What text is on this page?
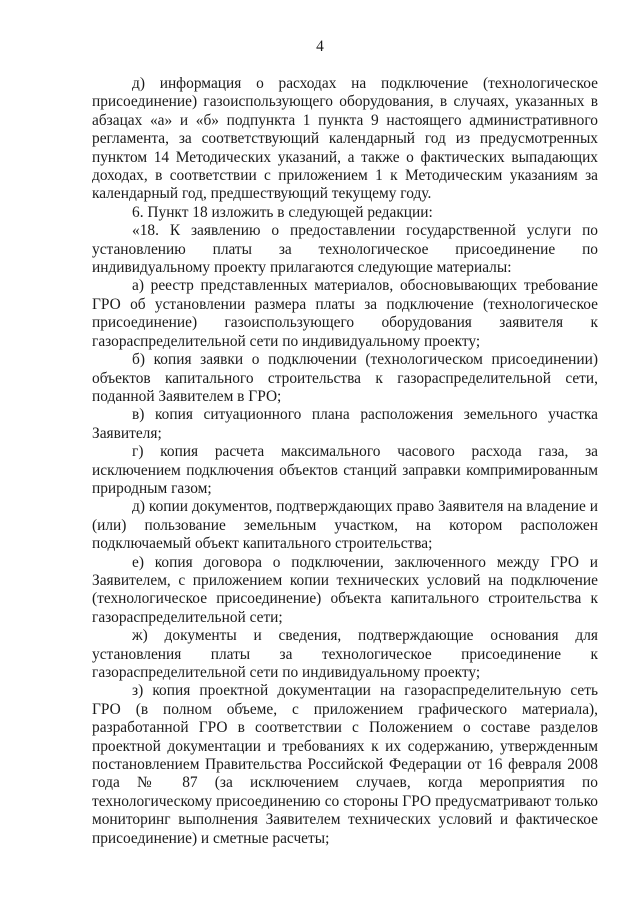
4

д) информация о расходах на подключение (технологическое присоединение) газоиспользующего оборудования, в случаях, указанных в абзацах «а» и «б» подпункта 1 пункта 9 настоящего административного регламента, за соответствующий календарный год из предусмотренных пунктом 14 Методических указаний, а также о фактических выпадающих доходах, в соответствии с приложением 1 к Методическим указаниям за календарный год, предшествующий текущему году.

6. Пункт 18 изложить в следующей редакции:

«18. К заявлению о предоставлении государственной услуги по установлению платы за технологическое присоединение по индивидуальному проекту прилагаются следующие материалы:

а) реестр представленных материалов, обосновывающих требование ГРО об установлении размера платы за подключение (технологическое присоединение) газоиспользующего оборудования заявителя к газораспределительной сети по индивидуальному проекту;

б) копия заявки о подключении (технологическом присоединении) объектов капитального строительства к газораспределительной сети, поданной Заявителем в ГРО;

в) копия ситуационного плана расположения земельного участка Заявителя;

г) копия расчета максимального часового расхода газа, за исключением подключения объектов станций заправки компримированным природным газом;

д) копии документов, подтверждающих право Заявителя на владение и (или) пользование земельным участком, на котором расположен подключаемый объект капитального строительства;

е) копия договора о подключении, заключенного между ГРО и Заявителем, с приложением копии технических условий на подключение (технологическое присоединение) объекта капитального строительства к газораспределительной сети;

ж) документы и сведения, подтверждающие основания для установления платы за технологическое присоединение к газораспределительной сети по индивидуальному проекту;

з) копия проектной документации на газораспределительную сеть ГРО (в полном объеме, с приложением графического материала), разработанной ГРО в соответствии с Положением о составе разделов проектной документации и требованиях к их содержанию, утвержденным постановлением Правительства Российской Федерации от 16 февраля 2008 года № 87 (за исключением случаев, когда мероприятия по технологическому присоединению со стороны ГРО предусматривают только мониторинг выполнения Заявителем технических условий и фактическое присоединение) и сметные расчеты;
